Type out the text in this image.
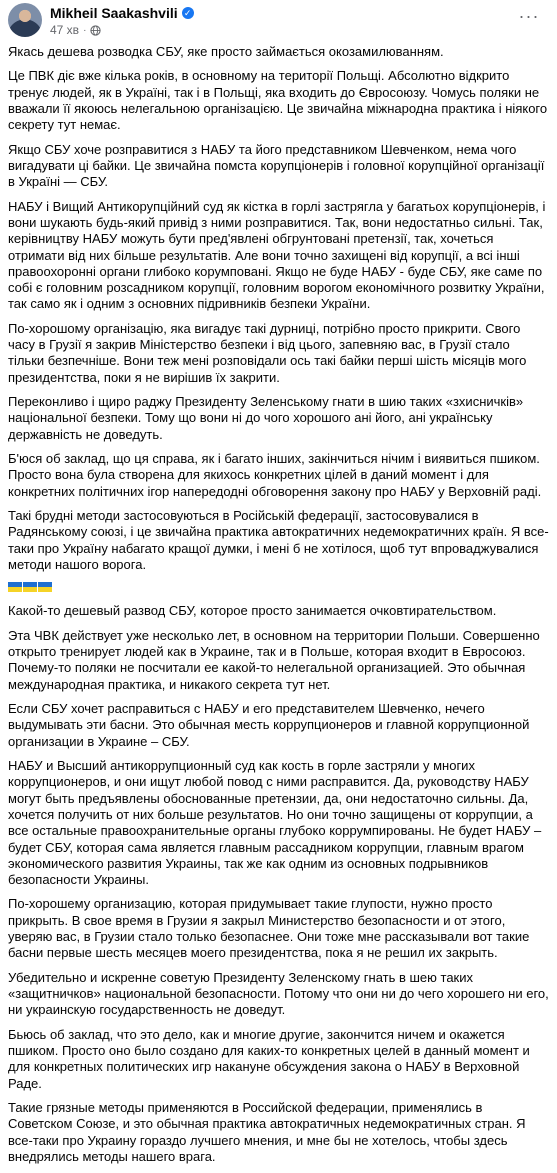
Mikheil Saakashvili ✓
47 хв ·
···

Якась дешева розводка СБУ, яке просто займається окозамилюванням.

Це ПВК діє вже кілька років, в основному на території Польщі. Абсолютно відкрито тренує людей, як в Україні, так і в Польщі, яка входить до Євросоюзу. Чомусь поляки не вважали її якоюсь нелегальною організацією. Це звичайна міжнародна практика і ніякого секрету тут немає.

Якщо СБУ хоче розправитися з НАБУ та його представником Шевченком, нема чого вигадувати ці байки. Це звичайна помста корупціонерів і головної корупційної організації в Україні — СБУ.

НАБУ і Вищий Антикорупційний суд як кістка в горлі застрягла у багатьох корупціонерів, і вони шукають будь-який привід з ними розправитися. Так, вони недостатньо сильні. Так, керівництву НАБУ можуть бути пред'явлені обгрунтовані претензії, так, хочеться отримати від них більше результатів. Але вони точно захищені від корупції, а всі інші правоохоронні органи глибоко корумповані. Якщо не буде НАБУ - буде СБУ, яке саме по собі є головним розсадником корупції, головним ворогом економічного розвитку України, так само як і одним з основних підривників безпеки України.

По-хорошому організацію, яка вигадує такі дурниці, потрібно просто прикрити. Свого часу в Грузії я закрив Міністерство безпеки і від цього, запевняю вас, в Грузії стало тільки безпечніше. Вони теж мені розповідали ось такі байки перші шість місяців мого президентства, поки я не вирішив їх закрити.

Переконливо і щиро раджу Президенту Зеленському гнати в шию таких «зхисничків» національної безпеки. Тому що вони ні до чого хорошого ані його, ані українську державність не доведуть.

Б'юся об заклад, що ця справа, як і багато інших, закінчиться нічим і виявиться пшиком. Просто вона була створена для якихось конкретних цілей в даний момент і для конкретних політичних ігор напередодні обговорення закону про НАБУ у Верховній раді.

Такі брудні методи застосовуються в Російській федерації, застосовувалися в Радянському союзі, і це звичайна практика автократичних недемократичних країн. Я все-таки про Україну набагато кращої думки, і мені б не хотілося, щоб тут впроваджувалися методи нашого ворога.

Какой-то дешевый развод СБУ, которое просто занимается очковтирательством.

Эта ЧВК действует уже несколько лет, в основном на территории Польши. Совершенно открыто тренирует людей как в Украине, так и в Польше, которая входит в Евросоюз. Почему-то поляки не посчитали ее какой-то нелегальной организацией. Это обычная международная практика, и никакого секрета тут нет.

Если СБУ хочет расправиться с НАБУ и его представителем Шевченко, нечего выдумывать эти басни. Это обычная месть коррупционеров и главной коррупционной организации в Украине – СБУ.

НАБУ и Высший антикоррупционный суд как кость в горле застряли у многих коррупционеров, и они ищут любой повод с ними расправится. Да, руководству НАБУ могут быть предъявлены обоснованные претензии, да, они недостаточно сильны. Да, хочется получить от них больше результатов. Но они точно защищены от коррупции, а все остальные правоохранительные органы глубоко коррумпированы. Не будет НАБУ – будет СБУ, которая сама является главным рассадником коррупции, главным врагом экономического развития Украины, так же как одним из основных подрывников безопасности Украины.

По-хорошему организацию, которая придумывает такие глупости, нужно просто прикрыть. В свое время в Грузии я закрыл Министерство безопасности и от этого, уверяю вас, в Грузии стало только безопаснее. Они тоже мне рассказывали вот такие басни первые шесть месяцев моего президентства, пока я не решил их закрыть.

Убедительно и искренне советую Президенту Зеленскому гнать в шею таких «защитничков» национальной безопасности. Потому что они ни до чего хорошего ни его, ни украинскую государственность не доведут.

Бьюсь об заклад, что это дело, как и многие другие, закончится ничем и окажется пшиком. Просто оно было создано для каких-то конкретных целей в данный момент и для конкретных политических игр накануне обсуждения закона о НАБУ в Верховной Раде.

Такие грязные методы применяются в Российской федерации, применялись в Советском Союзе, и это обычная практика автократичных недемократичных стран. Я все-таки про Украину гораздо лучшего мнения, и мне бы не хотелось, чтобы здесь внедрялись методы нашего врага.
